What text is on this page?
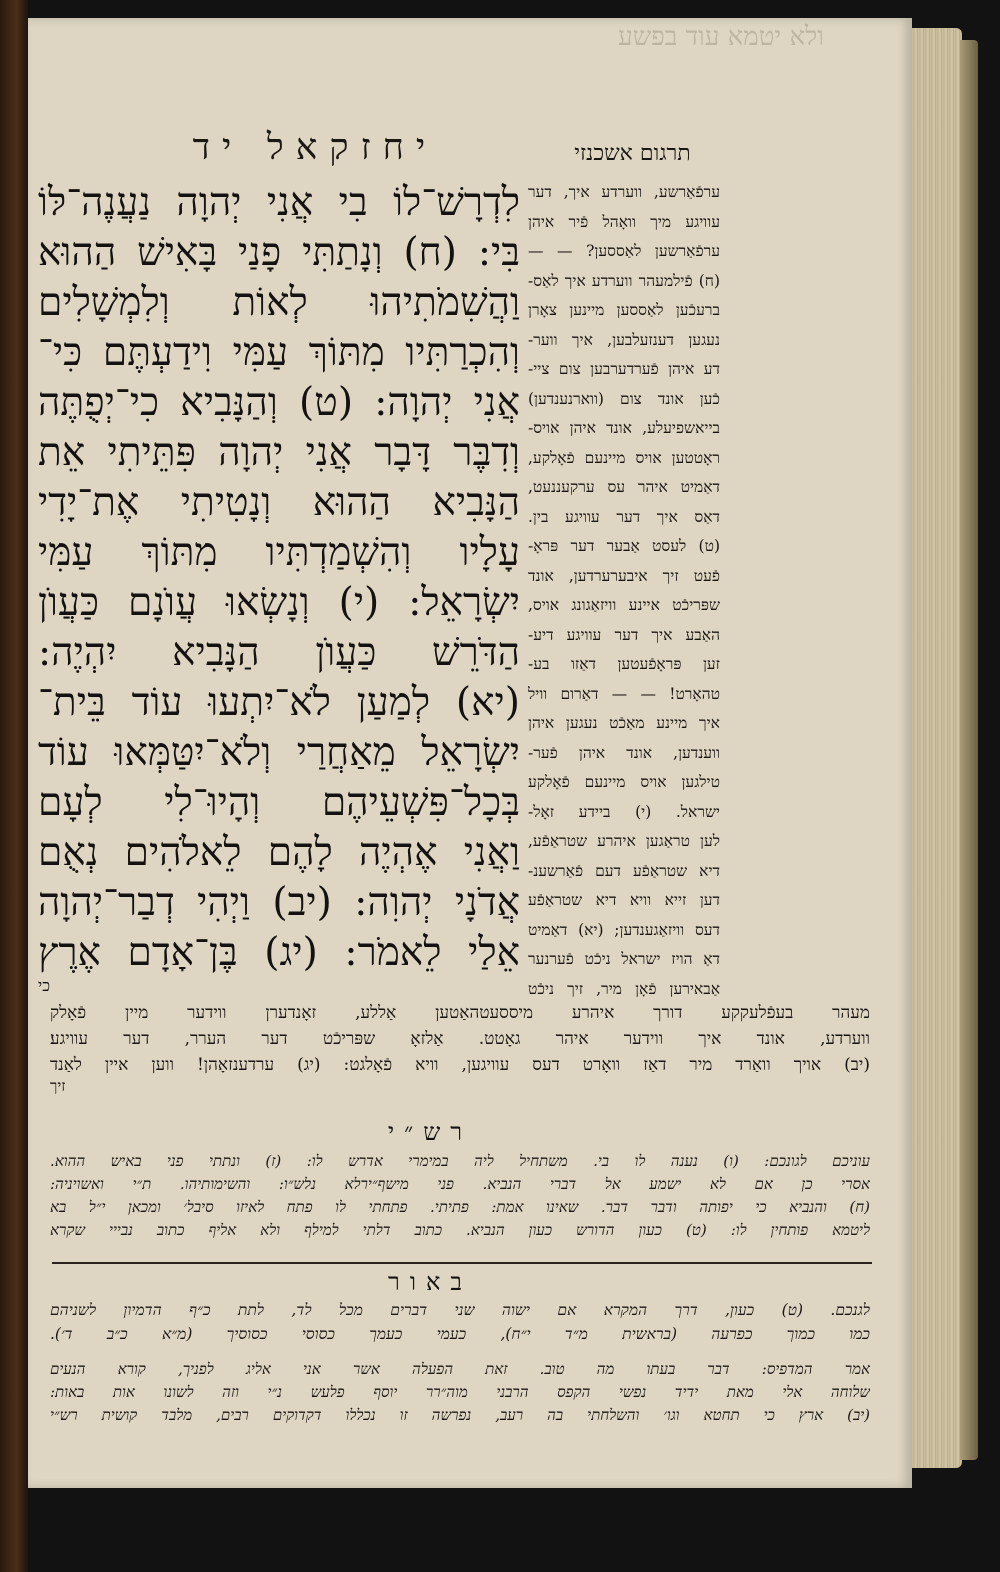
ולא יטמא עוד בפשע
יחזקאל יד	תרגום אשכנזי
לִדְרָשׁ־לוֹ בִי אֲנִי יְהוָה נַעֲנֶה־לּוֹ
בִּי: (ח) וְנָתַתִּי פָנַי בָּאִישׁ הַהוּא
וַהֲשִׁמֹתִיהוּ לְאוֹת וְלִמְשָׁלִים
וְהִכְרַתִּיו מִתּוֹךְ עַמִּי וִידַעְתֶּם כִּי־
אֲנִי יְהוָה: (ט) וְהַנָּבִיא כִי־יְפֻתֶּה
וְדִבֶּר דָּבָר אֲנִי יְהוָה פִּתֵּיתִי אֵת
הַנָּבִיא הַהוּא וְנָטִיתִי אֶת־יָדִי
עָלָיו וְהִשְׁמַדְתִּיו מִתּוֹךְ עַמִּי
יִשְׂרָאֵל: (י) וְנָשְׂאוּ עֲוֺנָם כַּעֲוֺן
הַדֹּרֵשׁ כַּעֲוֺן הַנָּבִיא יִהְיֶה:
(יא) לְמַעַן לֹא־יִתְעוּ עוֹד בֵּית־
יִשְׂרָאֵל מֵאַחֲרַי וְלֹא־יִטַּמְּאוּ עוֹד
בְּכָל־פִּשְׁעֵיהֶם וְהָיוּ־לִי לְעָם
וַאֲנִי אֶהְיֶה לָהֶם לֵאלֹהִים נְאֻם
אֲדֹנָי יְהוִה: (יב) וַיְהִי דְבַר־יְהוָה
אֵלַי לֵאמֹר: (יג) בֶּן־אָדָם אֶרֶץ
כי
ערפֿאַרשע, ווערדע איך, דער
עוויגע מיך וואָהל פֿיר איהן
ערפֿאַרשען לאַססען? — —
(ח) פֿילמעהר ווערדע איך לאַס-
ברעכֿען לאַססען מיינען צאָרן
נעגען דענזעלבען, איך ווער-
דע איהן פֿערדערבען צום ציי-
כֿען אונד צום (ווארנענדען)
בייאשפיעלע, אונד איהן אויס-
ראָטטען אויס מיינעם פֿאָלקע,
דאַמיט איהר עס ערקעננעט,
דאַס איך דער עוויגע בין.
(ט) לעסט אַבער דער פּראָ-
פֿעט זיך איבערערדען, אונד
שפּריכֿט איינע וויזאַגונג אויס,
האַבע איך דער עוויגע דיע-
זען פּראָפֿעטען דאַזו בע-
טהאָרט! — — דאַרום וויל
איך מיינע מאַכֿט נעגען איהן
ווענדען, אונד איהן פֿער-
טילגען אויס מיינעם פֿאָלקע
ישראל. (י) ביידע זאָל-
לען טראַגען איהרע שטראַפֿע,
דיא שטראַפֿע דעם פֿאַרשענ-
דען זייא וויא דיא שטראַפֿע
דעס וויזאַגענדען; (יא) דאַמיט
דאַ הויז ישראל ניכֿט פֿערנער
אַבאירען פֿאָן מיר, זיך ניכֿט
מעהר בעפֿלעקקע דורך איהרע מיססעטהאַטען אַללע, זאָנדערן ווידער מיין פֿאָלק
ווערדע, אונד איך ווידער איהר גאָטט. אַלזאָ שפּריכֿט דער הערר, דער עוויגע׃
(יב) אויך וואַרד מיר דאַז וואָרט דעס עוויגען, וויא פֿאָלגט: (יג) ערדענזאָהן! ווען איין לאַנד
זיך
רש״י
עוניכם לגונכם: (ו) נענה לו בי. משתחיל ליה במימרי אדרש לו: (ז) ונתתי פני באיש ההוא.
אסרי כן אם לא ישמע אל דברי הנביא. פני מישף״ירלא נלש״ו: והשימותיהו. ת״י ואשויניה:
(ח) והנביא כי יפותה ודבר דבר. שאינו אמת: פתיתי. פתחתי לו פתח לאיזו סיבל׳ ומכאן י״ל בא
ליטמא פותחין לו: (ט) כעון הדורש כעון הנביא. כתוב דלתי למילף ולא אליף כתוב נבייי שקרא
באור
לגנכם. (ט) כעון, דרך המקרא אם ישוה שני דברים מכל לד, לתת כ״ף הדמיון לשניהם
כמו כמוך כפרעה (בראשית מ״ד י״ח), כעמי כעמך כסוסי כסוסיך (מ״א כ״ב ד׳).
אמר המדפיס: דבר בעתו מה טוב. זאת הפעלה אשר אני אליג לפניך, קורא הנעים
שלוחה אלי מאת ידיד נפשי הקפס הרבני מוה״רר יוסף פלעש נ״י וזה לשונו אות באות:
(יב) ארץ כי תחטא וגו׳ והשלחתי בה רעב, נפרשה זו נכללו דקדוקים רבים, מלבד קושית רש״י
